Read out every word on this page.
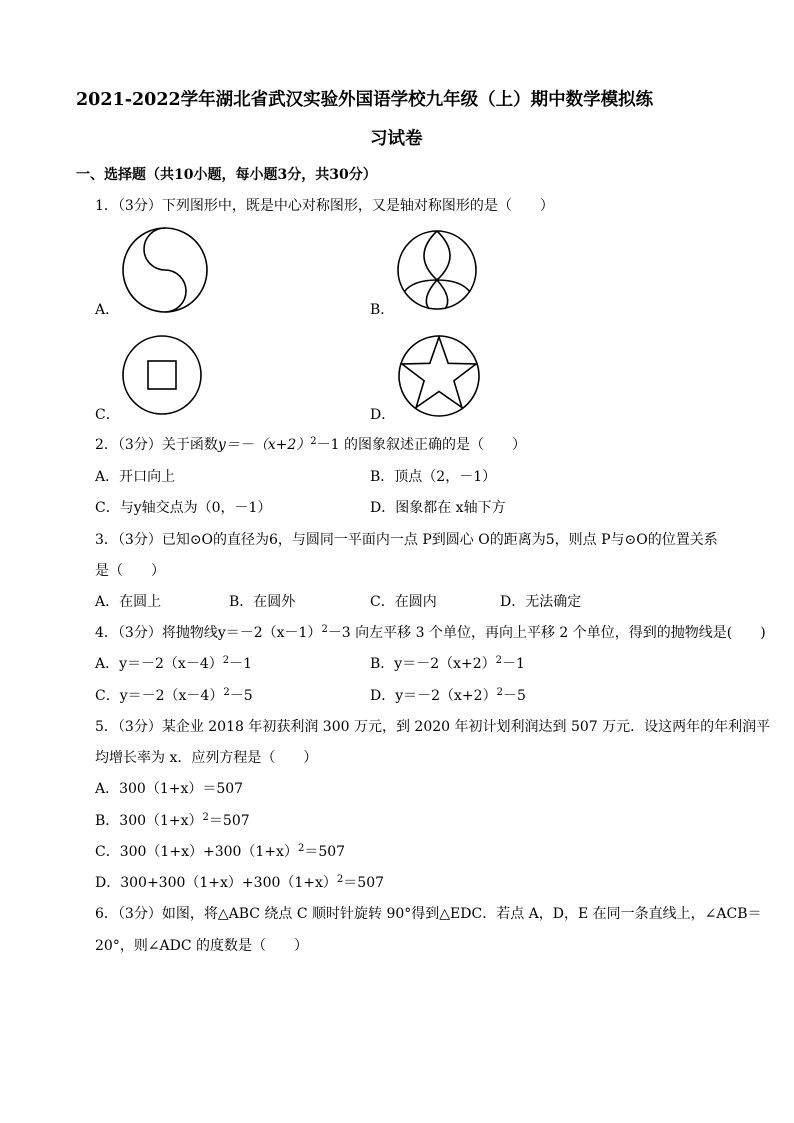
2021-2022学年湖北省武汉实验外国语学校九年级（上）期中数学模拟练
习试卷
一、选择题（共10小题，每小题3分，共30分）
1．（3分）下列图形中，既是中心对称图形，又是轴对称图形的是（　　）
A．	B．
C．	D．
2．（3分）关于函数$y=-(x+2)^2-1$ 的图象叙述正确的是（　　）
A．开口向上	B．顶点（2，－1）
C．与y轴交点为（0，－1）	D．图象都在 x轴下方
3．（3分）已知⊙O的直径为6，与圆同一平面内一点 P到圆心 O的距离为5，则点 P与⊙O的位置关系
是（　　）
A．在圆上	B．在圆外	C．在圆内	D．无法确定
4．（3分）将抛物线$y=-2(x-1)^2-3$ 向左平移 3 个单位，再向上平移 2 个单位，得到的抛物线是(　　)
A．$y=-2(x-4)^2-1$	B．$y=-2(x+2)^2-1$
C．$y=-2(x-4)^2-5$	D．$y=-2(x+2)^2-5$
5．（3分）某企业 2018 年初获利润 300 万元，到 2020 年初计划利润达到 507 万元．设这两年的年利润平
均增长率为 x．应列方程是（　　）
A．300（1+x）＝507
B．$300(1+x)^2=507$
C．$300(1+x)+300(1+x)^2=507$
D．$300+300(1+x)+300(1+x)^2=507$
6．（3分）如图，将△ABC 绕点 C 顺时针旋转 90°得到△EDC．若点 A，D，E 在同一条直线上，∠ACB＝
20°，则∠ADC 的度数是（　　）
